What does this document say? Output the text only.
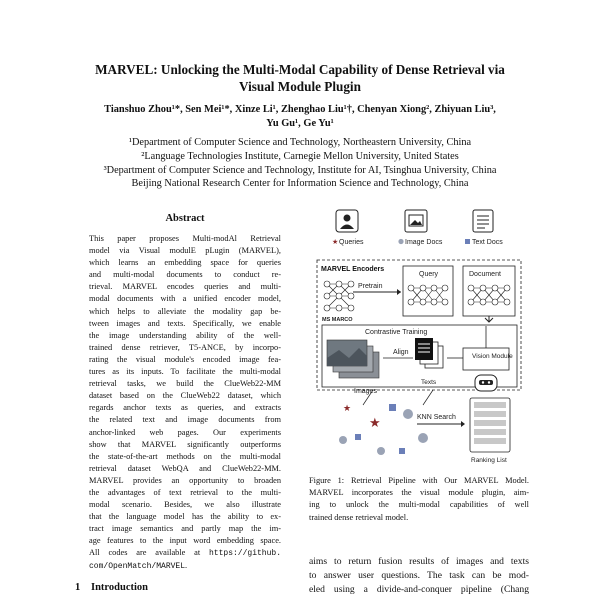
MARVEL: Unlocking the Multi-Modal Capability of Dense Retrieval via
Visual Module Plugin
Tianshuo Zhou¹*, Sen Mei¹*, Xinze Li¹, Zhenghao Liu¹†, Chenyan Xiong², Zhiyuan Liu³,
Yu Gu¹, Ge Yu¹
¹Department of Computer Science and Technology, Northeastern University, China
²Language Technologies Institute, Carnegie Mellon University, United States
³Department of Computer Science and Technology, Institute for AI, Tsinghua University, China
Beijing National Research Center for Information Science and Technology, China
Abstract
This paper proposes Multi-modAl Retrieval
model via Visual modulE pLugin (MARVEL),
which learns an embedding space for queries
and multi-modal documents to conduct re-
trieval. MARVEL encodes queries and multi-
modal documents with a unified encoder model,
which helps to alleviate the modality gap be-
tween images and texts. Specifically, we enable
the image understanding ability of the well-
trained dense retriever, T5-ANCE, by incorpo-
rating the visual module's encoded image fea-
tures as its inputs. To facilitate the multi-modal
retrieval tasks, we build the ClueWeb22-MM
dataset based on the ClueWeb22 dataset, which
regards anchor texts as queries, and extracts
the related text and image documents from
anchor-linked web pages. Our experiments
show that MARVEL significantly outperforms
the state-of-the-art methods on the multi-modal
retrieval dataset WebQA and ClueWeb22-MM.
MARVEL provides an opportunity to broaden
the advantages of text retrieval to the multi-
modal scenario. Besides, we also illustrate
that the language model has the ability to ex-
tract image semantics and partly map the im-
age features to the input word embedding space.
All codes are available at https://github.
com/OpenMatch/MARVEL.
1 Introduction
★ Queries	Image Docs	Text Docs
MARVEL Encoders
MS MARCO
Pretrain
Query	Document
Contrastive Training
Images
Align
Texts
Vision Module
★
★	KNN Search
Ranking List
Figure 1: Retrieval Pipeline with Our MARVEL Model.
MARVEL incorporates the visual module plugin, aim-
ing to unlock the multi-modal capabilities of well
trained dense retrieval model.
aims to return fusion results of images and texts
to answer user questions. The task can be mod-
eled using a divide-and-conquer pipeline (Chang
